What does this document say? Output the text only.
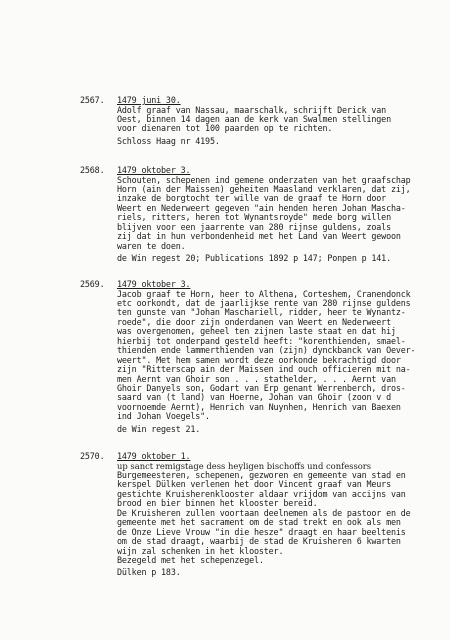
2567. 1479 juni 30.
Adolf graaf van Nassau, maarschalk, schrijft Derick van
Oest, binnen 14 dagen aan de kerk van Swalmen stellingen
voor dienaren tot 100 paarden op te richten.
Schloss Haag nr 4195.
2568. 1479 oktober 3.
Schouten, schepenen ind gemene onderzaten van het graafschap
Horn (ain der Maissen) geheiten Maasland verklaren, dat zij,
inzake de borgtocht ter wille van de graaf te Horn door
Weert en Nederweert gegeven "ain henden heren Johan Mascha-
riels, ritters, heren tot Wynantsroyde" mede borg willen
blijven voor een jaarrente van 280 rijnse guldens, zoals
zij dat in hun verbondenheid met het Land van Weert gewoon
waren te doen.
de Win regest 20; Publications 1892 p 147; Ponpen p 141.
2569. 1479 oktober 3.
Jacob graaf te Horn, heer to Althena, Corteshem, Cranendonck
etc oorkondt, dat de jaarlijkse rente van 280 rijnse guldens
ten gunste van "Johan Maschariell, ridder, heer te Wynantz-
roede", die door zijn onderdanen van Weert en Nederweert
was overgenomen, geheel ten zijnen laste staat en dat hij
hierbij tot onderpand gesteld heeft: "korenthienden, smael-
thienden ende lammerthienden van (zijn) dynckbanck van Oever-
weert". Met hem samen wordt deze oorkonde bekrachtigd door
zijn "Rittersсap ain der Maissen ind ouch officieren mit na-
men Aernt van Ghoir son . . . stathelder, . . . Aernt van
Ghoir Danyels son, Godart van Erp genant Werrenberch, dros-
saard van (t land) van Hoerne, Johan van Ghoir (zoon v d
voornoemde Aernt), Henrich van Nuynhen, Henrich van Baexen
ind Johan Voegels".
de Win regest 21.
2570. 1479 oktober 1.
up sanct remigstage dess heyligen bischoffs und confessors
Burgemeesteren, schepenen, gezworen en gemeente van stad en
kerspel Dülken verlenen het door Vincent graaf van Meurs
gestichte Kruisherenklooster aldaar vrijdom van accijns van
brood en bier binnen het klooster bereid.
De Kruisheren zullen voortaan deelnemen als de pastoor en de
gemeente met het sacrament om de stad trekt en ook als men
de Onze Lieve Vrouw "in die hesze" draagt en haar beeltenis
om de stad draagt, waarbij de stad de Kruisheren 6 kwarten
wijn zal schenken in het klooster.
Bezegeld met het schepenzegel.
Dülken p 183.
